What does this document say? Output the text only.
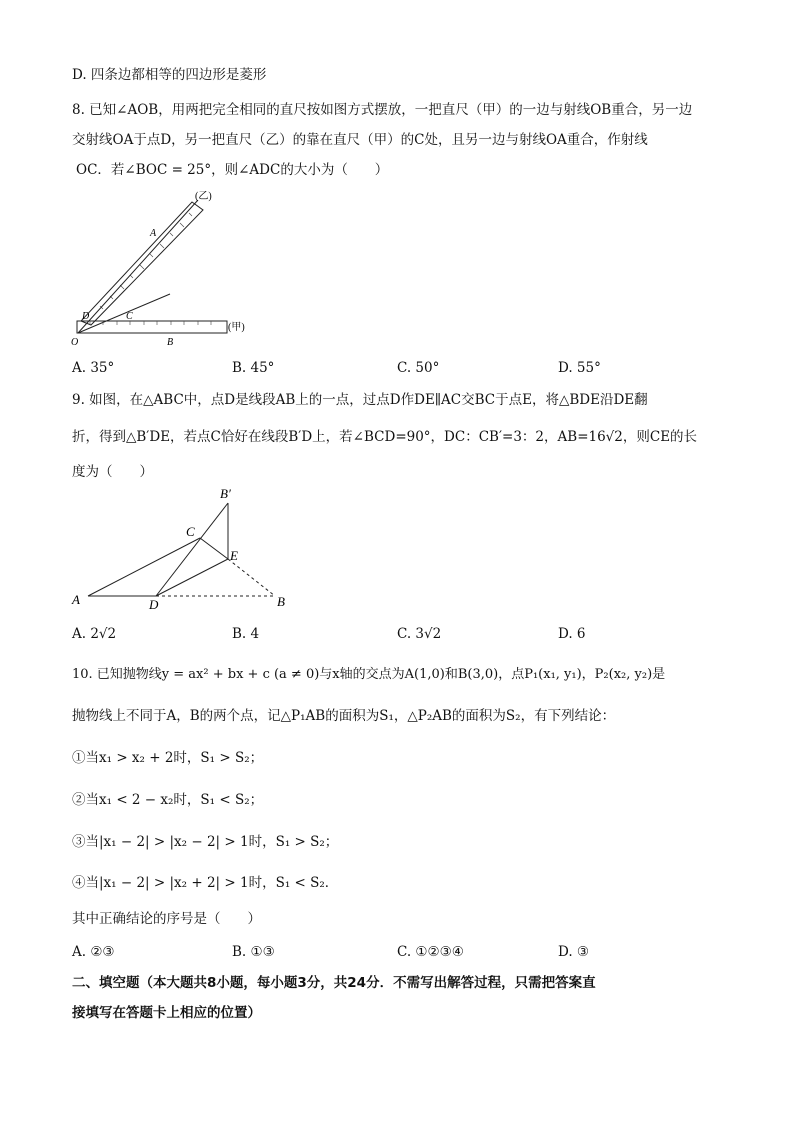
D. 四条边都相等的四边形是菱形
8. 已知∠AOB，用两把完全相同的直尺按如图方式摆放，一把直尺（甲）的一边与射线OB重合，另一边
交射线OA于点D，另一把直尺（乙）的靠在直尺（甲）的C处，且另一边与射线OA重合，作射线
OC．若∠BOC = 25°，则∠ADC的大小为（　　）
(乙)
(甲)
A
D	C
O	B
A. 35°	B. 45°	C. 50°	D. 55°
9. 如图，在△ABC中，点D是线段AB上的一点，过点D作DE∥AC交BC于点E，将△BDE沿DE翻
折，得到△B′DE，若点C恰好在线段B′D上，若∠BCD=90°，DC：CB′=3：2，AB=16√2，则CE的长
度为（　　）
B′
C
E
A	D	B
A. 2√2	B. 4	C. 3√2	D. 6
10. 已知抛物线y = ax² + bx + c (a ≠ 0)与x轴的交点为A(1,0)和B(3,0)，点P₁(x₁, y₁)，P₂(x₂, y₂)是
抛物线上不同于A，B的两个点，记△P₁AB的面积为S₁，△P₂AB的面积为S₂，有下列结论：
①当x₁ > x₂ + 2时，S₁ > S₂；
②当x₁ < 2 − x₂时，S₁ < S₂；
③当|x₁ − 2| > |x₂ − 2| > 1时，S₁ > S₂；
④当|x₁ − 2| > |x₂ + 2| > 1时，S₁ < S₂．
其中正确结论的序号是（　　）
A. ②③	B. ①③	C. ①②③④	D. ③
二、填空题（本大题共8小题，每小题3分，共24分．不需写出解答过程，只需把答案直
接填写在答题卡上相应的位置）
